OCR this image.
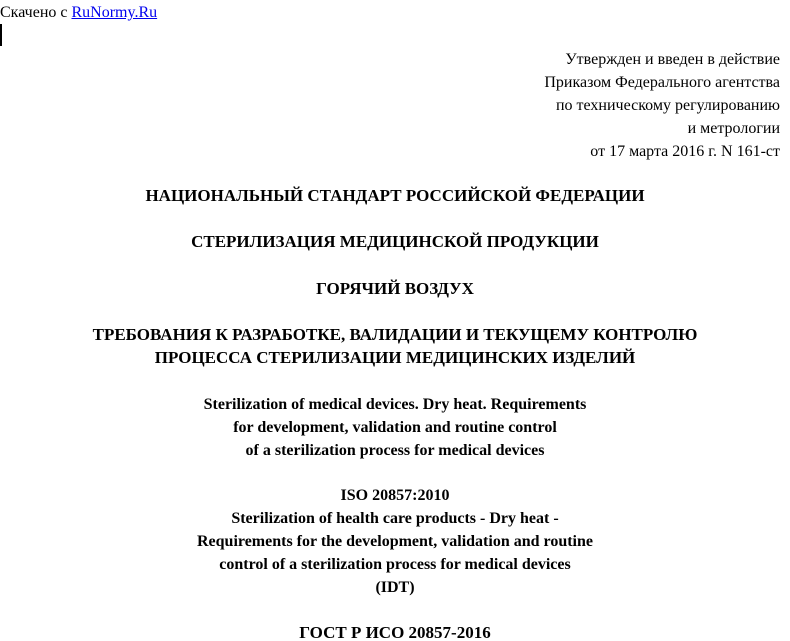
Скачено с RuNormy.Ru
Утвержден и введен в действие
Приказом Федерального агентства
по техническому регулированию
и метрологии
от 17 марта 2016 г. N 161-ст
НАЦИОНАЛЬНЫЙ СТАНДАРТ РОССИЙСКОЙ ФЕДЕРАЦИИ
СТЕРИЛИЗАЦИЯ МЕДИЦИНСКОЙ ПРОДУКЦИИ
ГОРЯЧИЙ ВОЗДУХ
ТРЕБОВАНИЯ К РАЗРАБОТКЕ, ВАЛИДАЦИИ И ТЕКУЩЕМУ КОНТРОЛЮ
ПРОЦЕССА СТЕРИЛИЗАЦИИ МЕДИЦИНСКИХ ИЗДЕЛИЙ
Sterilization of medical devices. Dry heat. Requirements
for development, validation and routine control
of a sterilization process for medical devices
ISO 20857:2010
Sterilization of health care products - Dry heat -
Requirements for the development, validation and routine
control of a sterilization process for medical devices
(IDT)
ГОСТ Р ИСО 20857-2016
